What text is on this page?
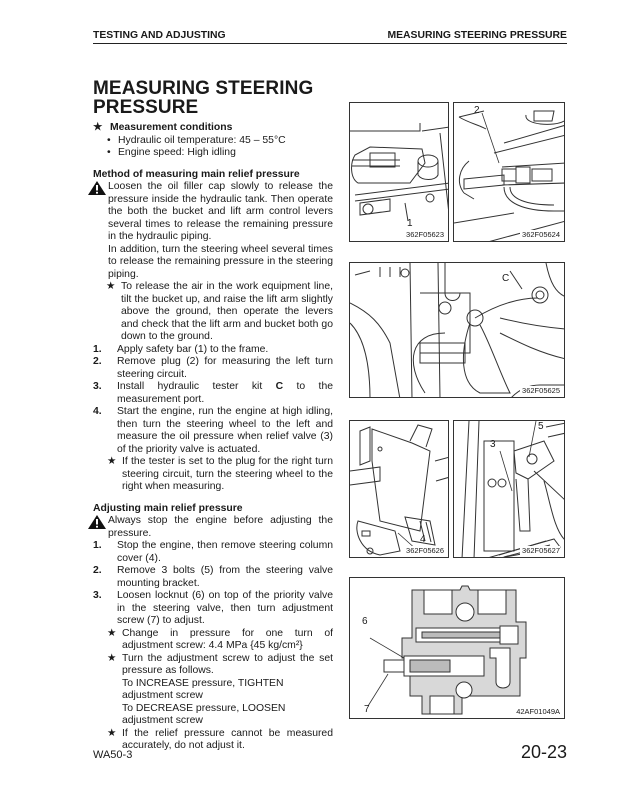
TESTING AND ADJUSTING	MEASURING STEERING PRESSURE
MEASURING STEERING
PRESSURE
★ Measurement conditions
• Hydraulic oil temperature: 45 – 55°C
• Engine speed: High idling
Method of measuring main relief pressure
Loosen the oil filler cap slowly to release the pressure inside the hydraulic tank. Then operate the both the bucket and lift arm control levers several times to release the remaining pressure in the hydraulic piping.
In addition, turn the steering wheel several times to release the remaining pressure in the steering piping.
★ To release the air in the work equipment line, tilt the bucket up, and raise the lift arm slightly above the ground, then operate the levers and check that the lift arm and bucket both go down to the ground.
1. Apply safety bar (1) to the frame.
2. Remove plug (2) for measuring the left turn steering circuit.
3. Install hydraulic tester kit C to the measurement port.
4. Start the engine, run the engine at high idling, then turn the steering wheel to the left and measure the oil pressure when relief valve (3) of the priority valve is actuated.
★ If the tester is set to the plug for the right turn steering circuit, turn the steering wheel to the right when measuring.
Adjusting main relief pressure
Always stop the engine before adjusting the pressure.
1. Stop the engine, then remove steering column cover (4).
2. Remove 3 bolts (5) from the steering valve mounting bracket.
3. Loosen locknut (6) on top of the priority valve in the steering valve, then turn adjustment screw (7) to adjust.
★ Change in pressure for one turn of adjustment screw: 4.4 MPa {45 kg/cm²}
★ Turn the adjustment screw to adjust the set pressure as follows.
To INCREASE pressure, TIGHTEN adjustment screw
To DECREASE pressure, LOOSEN adjustment screw
★ If the relief pressure cannot be measured accurately, do not adjust it.
1
362F05623
2
362F05624
C
362F05625
4
362F05626
5
3
362F05627
6
7	42AF01049A
WA50-3	20-23
